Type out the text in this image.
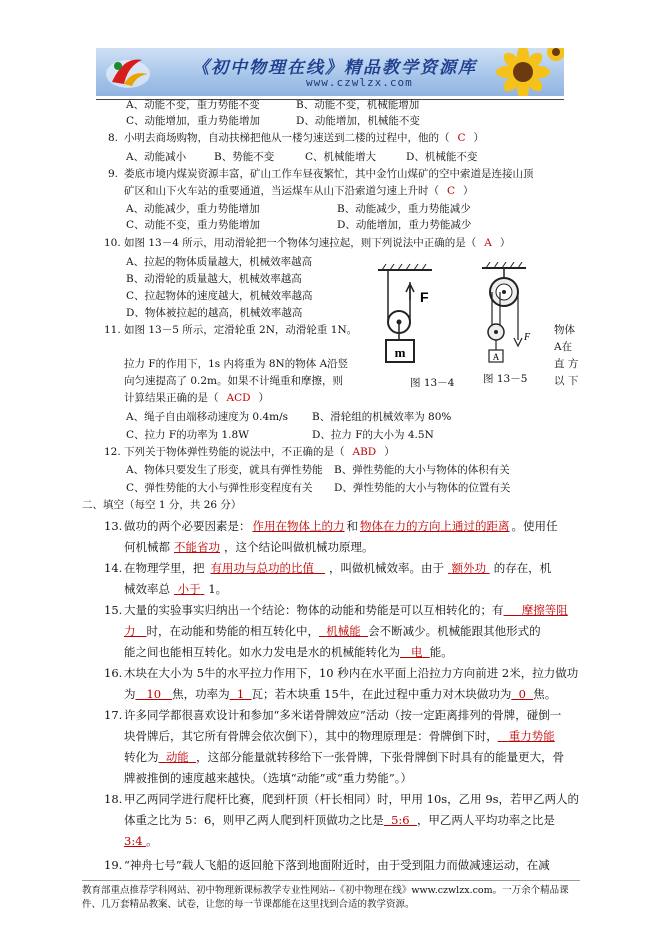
《初中物理在线》精品教学资源库
www.czwlzx.com
A、动能不变，重力势能不变	B、动能不变，机械能增加
C、动能增加，重力势能增加	D、动能增加，机械能不变
8. 小明去商场购物，自动扶梯把他从一楼匀速送到二楼的过程中，他的（ C ）
A、动能减小	B、势能不变	C、机械能增大	D、机械能不变
9. 娄底市境内煤炭资源丰富，矿山工作车昼夜繁忙，其中金竹山煤矿的空中索道是连接山顶
矿区和山下火车站的重要通道，当运煤车从山下沿索道匀速上升时（ C ）
A、动能减少，重力势能增加	B、动能减少，重力势能减少
C、动能不变，重力势能增加	D、动能增加，重力势能减少
10. 如图 13－4 所示，用动滑轮把一个物体匀速拉起，则下列说法中正确的是（ A ）
A、拉起的物体质量越大，机械效率越高
B、动滑轮的质量越大，机械效率越高
C、拉起物体的速度越大，机械效率越高
D、物体被拉起的越高，机械效率越高
m
F
图 13－4
A
F
图 13－5
11. 如图 13－5 所示，定滑轮重 2N，动滑轮重 1N。	物体
A在
直 方
以 下
拉力 F的作用下，1s 内将重为 8N的物体 A沿竖
向匀速提高了 0.2m。如果不计绳重和摩擦，则
计算结果正确的是（ ACD ）
A、绳子自由端移动速度为 0.4m/s B、滑轮组的机械效率为 80%
C、拉力 F的功率为 1.8W	D、拉力 F的大小为 4.5N
12. 下列关于物体弹性势能的说法中，不正确的是（ ABD ）
A、物体只要发生了形变，就具有弹性势能 B、弹性势能的大小与物体的体积有关
C、弹性势能的大小与弹性形变程度有关 D、弹性势能的大小与物体的位置有关
二、填空（每空 1 分，共 26 分）
13. 做功的两个必要因素是： 作用在物体上的力 和 物体在力的方向上通过的距离 。使用任
何机械都 不能省功 ，这个结论叫做机械功原理。
14. 在物理学里，把 有用功与总功的比值 ，叫做机械效率。由于 额外功 的存在，机
械效率总 小于 1。
15. 大量的实验事实归纳出一个结论：物体的动能和势能是可以互相转化的；有 摩擦等阻
力 时，在动能和势能的相互转化中， 机械能 会不断减少。机械能跟其他形式的
能之间也能相互转化。如水力发电是水的机械能转化为 电 能。
16. 木块在大小为 5牛的水平拉力作用下，10 秒内在水平面上沿拉力方向前进 2米，拉力做功
为 10 焦，功率为 1 瓦；若木块重 15牛，在此过程中重力对木块做功为 0 焦。
17. 许多同学都很喜欢设计和参加“多米诺骨牌效应”活动（按一定距离排列的骨牌，碰倒一
块骨牌后，其它所有骨牌会依次倒下），其中的物理原理是：骨牌倒下时， 重力势能
转化为 动能 ，这部分能量就转移给下一张骨牌，下张骨牌倒下时具有的能量更大，骨
牌被推倒的速度越来越快。（选填“动能”或“重力势能”。）
18. 甲乙两同学进行爬杆比赛，爬到杆顶（杆长相同）时，甲用 10s，乙用 9s，若甲乙两人的
体重之比为 5：6，则甲乙两人爬到杆顶做功之比是 5:6 ，甲乙两人平均功率之比是
3:4 。
19. “神舟七号”载人飞船的返回舱下落到地面附近时，由于受到阻力而做减速运动，在减
教育部重点推荐学科网站、初中物理新课标教学专业性网站--《初中物理在线》www.czwlzx.com。一万余个精品课
件、几万套精品教案、试卷，让您的每一节课都能在这里找到合适的教学资源。
